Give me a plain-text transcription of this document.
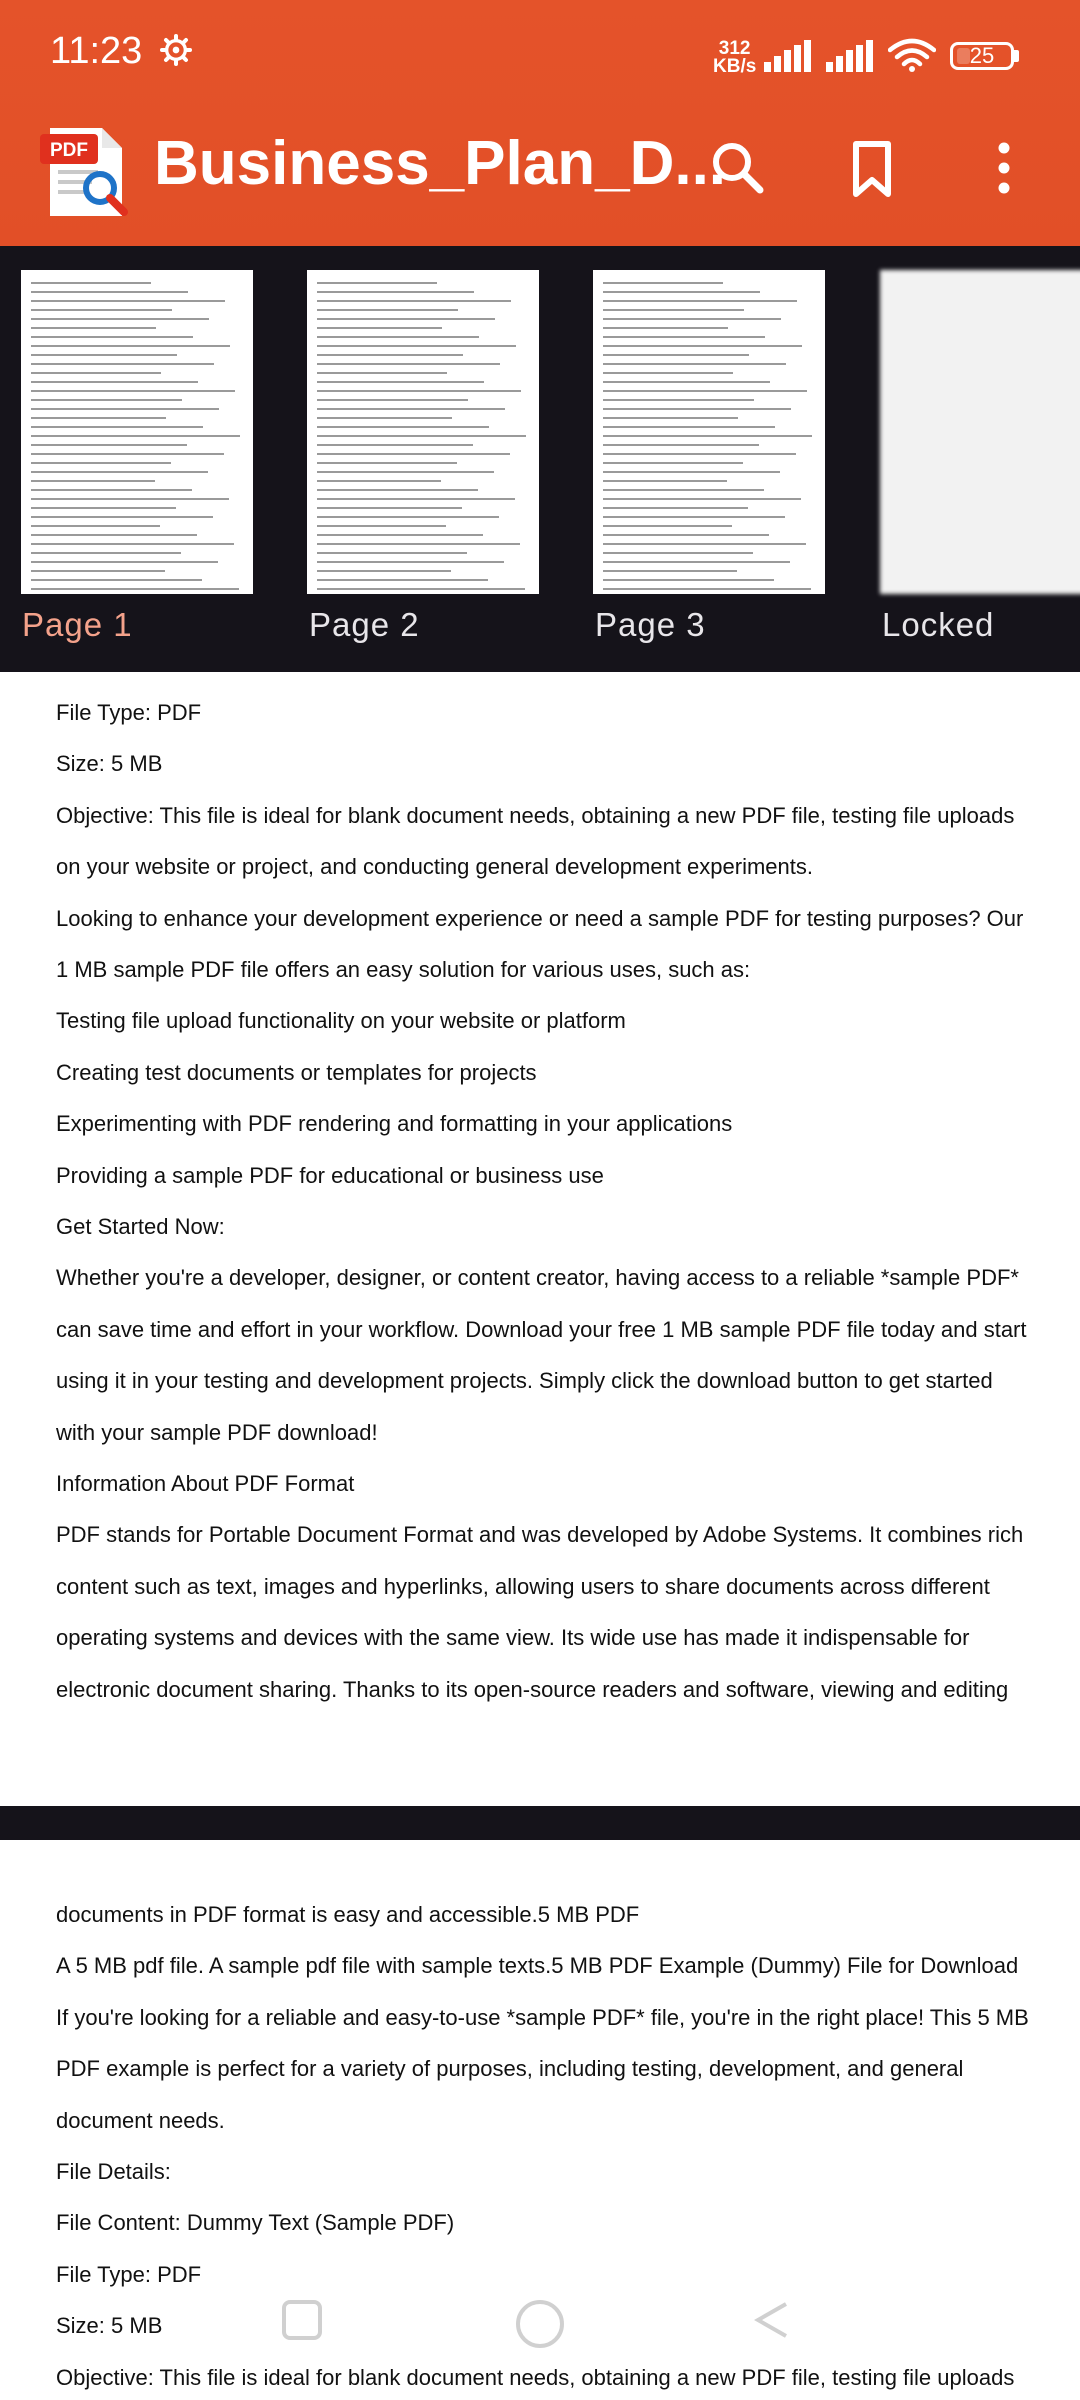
11:23	312
KB/s	25
PDF Business_Plan_D...
Page 1	Page 2	Page 3	Locked
File Type: PDF
Size: 5 MB
Objective: This file is ideal for blank document needs, obtaining a new PDF file, testing file uploads
on your website or project, and conducting general development experiments.
Looking to enhance your development experience or need a sample PDF for testing purposes? Our
1 MB sample PDF file offers an easy solution for various uses, such as:
Testing file upload functionality on your website or platform
Creating test documents or templates for projects
Experimenting with PDF rendering and formatting in your applications
Providing a sample PDF for educational or business use
Get Started Now:
Whether you're a developer, designer, or content creator, having access to a reliable *sample PDF*
can save time and effort in your workflow. Download your free 1 MB sample PDF file today and start
using it in your testing and development projects. Simply click the download button to get started
with your sample PDF download!
Information About PDF Format
PDF stands for Portable Document Format and was developed by Adobe Systems. It combines rich
content such as text, images and hyperlinks, allowing users to share documents across different
operating systems and devices with the same view. Its wide use has made it indispensable for
electronic document sharing. Thanks to its open-source readers and software, viewing and editing
documents in PDF format is easy and accessible.5 MB PDF
A 5 MB pdf file. A sample pdf file with sample texts.5 MB PDF Example (Dummy) File for Download
If you're looking for a reliable and easy-to-use *sample PDF* file, you're in the right place! This 5 MB
PDF example is perfect for a variety of purposes, including testing, development, and general
document needs.
File Details:
File Content: Dummy Text (Sample PDF)
File Type: PDF
Size: 5 MB
Objective: This file is ideal for blank document needs, obtaining a new PDF file, testing file uploads
